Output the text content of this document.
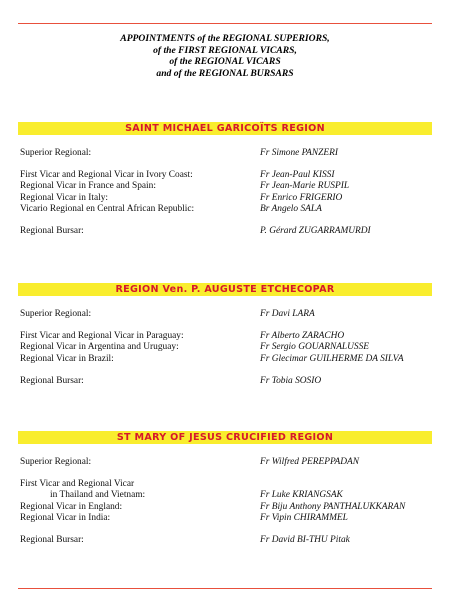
APPOINTMENTS of the REGIONAL SUPERIORS,
of the FIRST REGIONAL VICARS,
of the REGIONAL VICARS
and of the REGIONAL BURSARS
SAINT MICHAEL GARICOÏTS REGION
Superior Regional:	Fr Simone PANZERI
First Vicar and Regional Vicar in Ivory Coast:	Fr Jean-Paul KISSI
Regional Vicar in France and Spain:	Fr Jean-Marie RUSPIL
Regional Vicar in Italy:	Fr Enrico FRIGERIO
Vicario Regional en Central African Republic:	Br Angelo SALA
Regional Bursar:	P. Gérard ZUGARRAMURDI
REGION Ven. P. AUGUSTE ETCHECOPAR
Superior Regional:	Fr Davi LARA
First Vicar and Regional Vicar in Paraguay:	Fr Alberto ZARACHO
Regional Vicar in Argentina and Uruguay:	Fr Sergio GOUARNALUSSE
Regional Vicar in Brazil:	Fr Glecimar GUILHERME DA SILVA
Regional Bursar:	Fr Tobia SOSIO
ST MARY OF JESUS CRUCIFIED REGION
Superior Regional:	Fr Wilfred PEREPPADAN
First Vicar and Regional Vicar
in Thailand and Vietnam:	Fr Luke KRIANGSAK
Regional Vicar in England:	Fr Biju Anthony PANTHALUKKARAN
Regional Vicar in India:	Fr Vipin CHIRAMMEL
Regional Bursar:	Fr David BI-THU Pitak
